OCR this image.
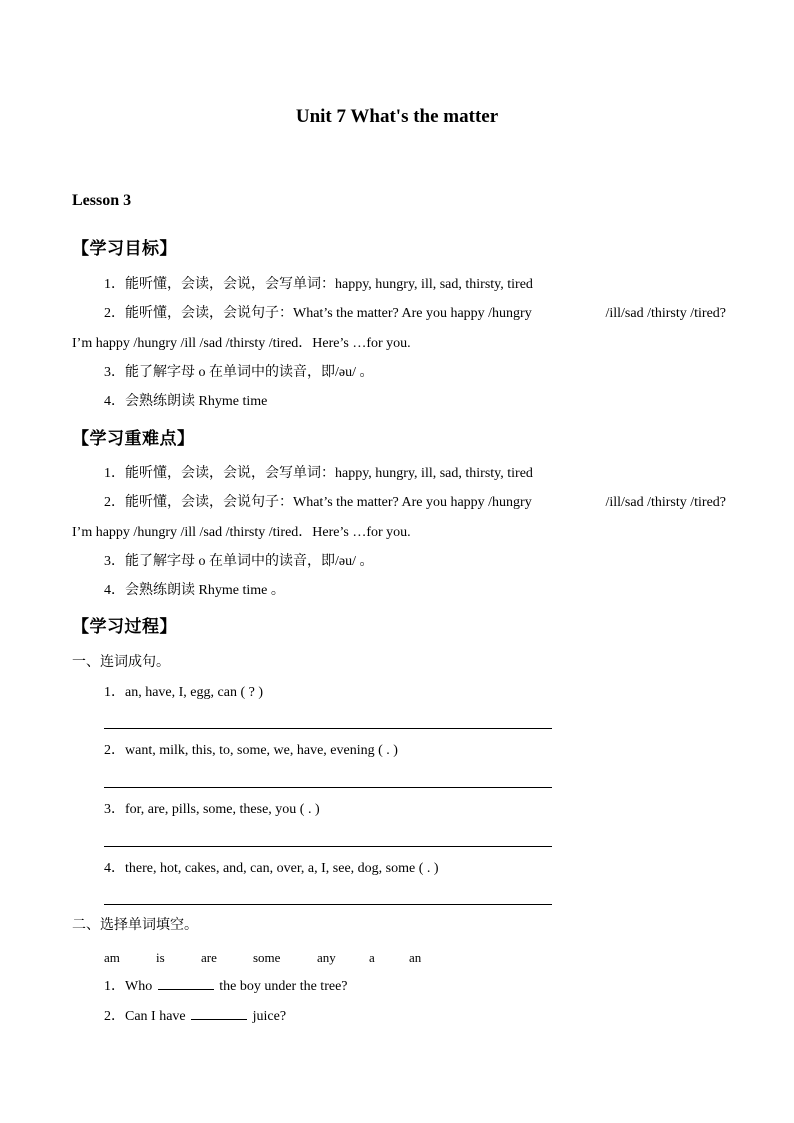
Unit 7 What's the matter
Lesson 3
【学习目标】
1．能听懂，会读，会说，会写单词：happy, hungry, ill, sad, thirsty, tired
2．能听懂，会读，会说句子：What’s the matter? Are you happy /hungry	/ill/sad /thirsty /tired?
I’m happy /hungry /ill /sad /thirsty /tired．Here’s …for you.
3．能了解字母 o 在单词中的读音，即/əu/ 。
4．会熟练朗读 Rhyme time
【学习重难点】
1．能听懂，会读，会说，会写单词：happy, hungry, ill, sad, thirsty, tired
2．能听懂，会读，会说句子：What’s the matter? Are you happy /hungry	/ill/sad /thirsty /tired?
I’m happy /hungry /ill /sad /thirsty /tired．Here’s …for you.
3．能了解字母 o 在单词中的读音，即/əu/ 。
4．会熟练朗读 Rhyme time 。
【学习过程】
一、连词成句。
1．an, have, I, egg, can ( ? )
2．want, milk, this, to, some, we, have, evening ( . )
3．for, are, pills, some, these, you ( . )
4．there, hot, cakes, and, can, over, a, I, see, dog, some ( . )
二、选择单词填空。
am	is	are	some	any	a	an
1．Who	the boy under the tree?
2．Can I have	juice?
